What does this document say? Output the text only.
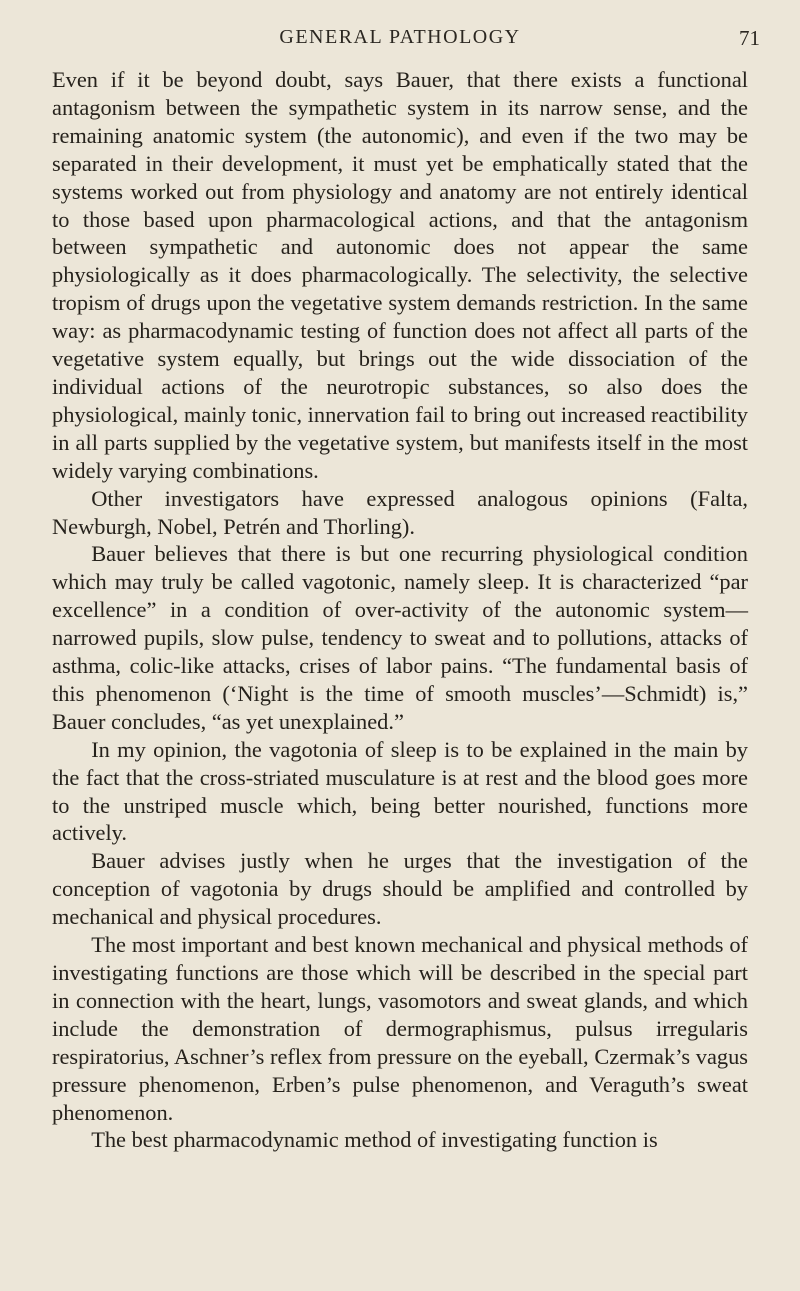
GENERAL PATHOLOGY	71

Even if it be beyond doubt, says Bauer, that there exists a functional antagonism between the sympathetic system in its narrow sense, and the remaining anatomic system (the autonomic), and even if the two may be separated in their development, it must yet be emphatically stated that the systems worked out from physiology and anatomy are not entirely identical to those based upon pharmacological actions, and that the antagonism between sympathetic and autonomic does not appear the same physiologically as it does pharmacologically. The selectivity, the selective tropism of drugs upon the vegetative system demands restriction. In the same way: as pharmacodynamic testing of function does not affect all parts of the vegetative system equally, but brings out the wide dissociation of the individual actions of the neurotropic substances, so also does the physiological, mainly tonic, innervation fail to bring out increased reactibility in all parts supplied by the vegetative system, but manifests itself in the most widely varying combinations.

Other investigators have expressed analogous opinions (Falta, Newburgh, Nobel, Petrén and Thorling).

Bauer believes that there is but one recurring physiological condition which may truly be called vagotonic, namely sleep. It is characterized “par excellence” in a condition of over-activity of the autonomic system—narrowed pupils, slow pulse, tendency to sweat and to pollutions, attacks of asthma, colic-like attacks, crises of labor pains. “The fundamental basis of this phenomenon (‘Night is the time of smooth muscles’—Schmidt) is,” Bauer concludes, “as yet unexplained.”

In my opinion, the vagotonia of sleep is to be explained in the main by the fact that the cross-striated musculature is at rest and the blood goes more to the unstriped muscle which, being better nourished, functions more actively.

Bauer advises justly when he urges that the investigation of the conception of vagotonia by drugs should be amplified and controlled by mechanical and physical procedures.

The most important and best known mechanical and physical methods of investigating functions are those which will be described in the special part in connection with the heart, lungs, vasomotors and sweat glands, and which include the demonstration of dermographismus, pulsus irregularis respiratorius, Aschner’s reflex from pressure on the eyeball, Czermak’s vagus pressure phenomenon, Erben’s pulse phenomenon, and Veraguth’s sweat phenomenon.

The best pharmacodynamic method of investigating function is
